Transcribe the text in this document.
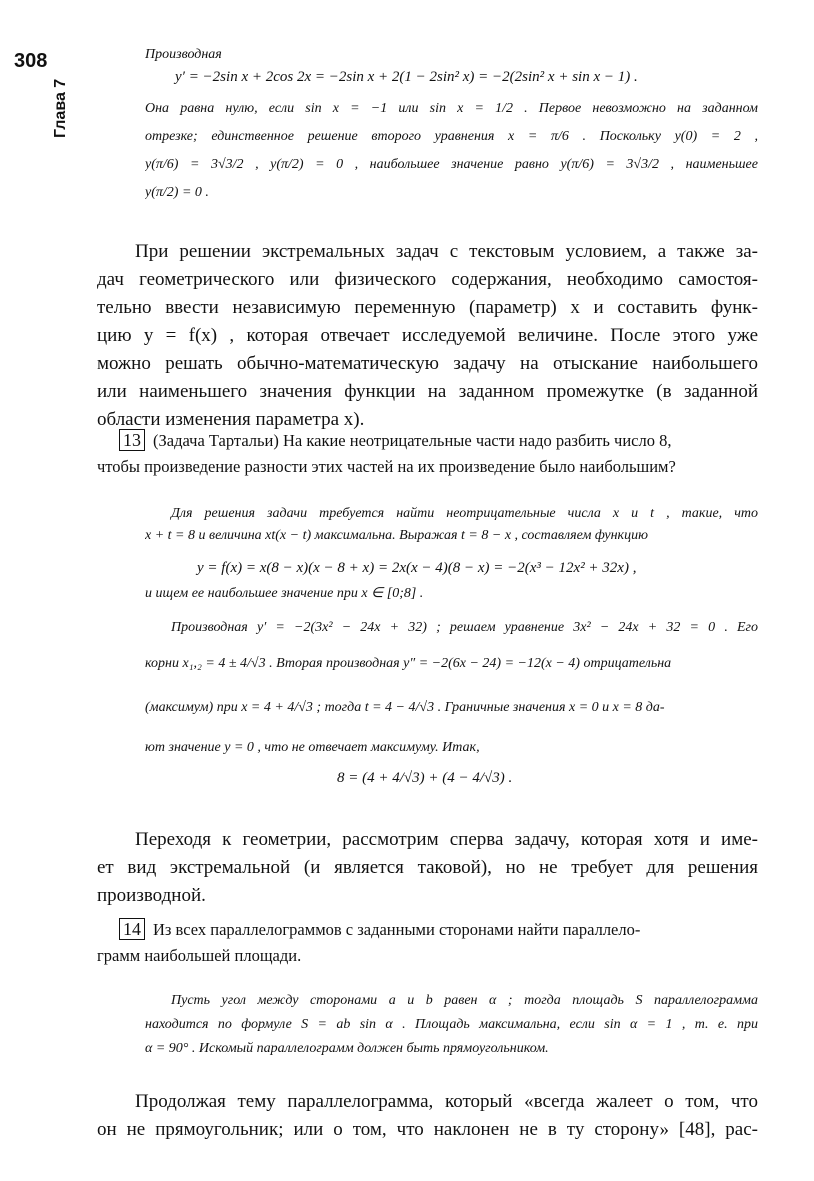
308
Глава 7
Производная
y′ = −2sin x + 2cos 2x = −2sin x + 2(1 − 2sin² x) = −2(2sin² x + sin x − 1) .
Она равна нулю, если sin x = −1 или sin x = 1/2 . Первое невозможно на заданном
отрезке; единственное решение второго уравнения x = π/6 . Поскольку y(0) = 2 ,
y(π/6) = 3√3/2 , y(π/2) = 0 , наибольшее значение равно y(π/6) = 3√3/2 , наименьшее
y(π/2) = 0 .
При решении экстремальных задач с текстовым условием, а также за-
дач геометрического или физического содержания, необходимо самостоя-
тельно ввести независимую переменную (параметр) x и составить функ-
цию y = f(x) , которая отвечает исследуемой величине. После этого уже
можно решать обычно-математическую задачу на отыскание наибольшего
или наименьшего значения функции на заданном промежутке (в заданной
области изменения параметра x).
13 (Задача Тартальи) На какие неотрицательные части надо разбить число 8,
чтобы произведение разности этих частей на их произведение было наибольшим?
Для решения задачи требуется найти неотрицательные числа x и t , такие, что
x + t = 8 и величина xt(x − t) максимальна. Выражая t = 8 − x , составляем функцию
y = f(x) = x(8 − x)(x − 8 + x) = 2x(x − 4)(8 − x) = −2(x³ − 12x² + 32x) ,
и ищем ее наибольшее значение при x ∈ [0;8] .
Производная y′ = −2(3x² − 24x + 32) ; решаем уравнение 3x² − 24x + 32 = 0 . Его
корни x₁,₂ = 4 ± 4/√3 . Вторая производная y″ = −2(6x − 24) = −12(x − 4) отрицательна
(максимум) при x = 4 + 4/√3 ; тогда t = 4 − 4/√3 . Граничные значения x = 0 и x = 8 да-
ют значение y = 0 , что не отвечает максимуму. Итак,
8 = (4 + 4/√3) + (4 − 4/√3) .
Переходя к геометрии, рассмотрим сперва задачу, которая хотя и име-
ет вид экстремальной (и является таковой), но не требует для решения
производной.
14 Из всех параллелограммов с заданными сторонами найти параллело-
грамм наибольшей площади.
Пусть угол между сторонами a и b равен α ; тогда площадь S параллелограмма
находится по формуле S = ab sin α . Площадь максимальна, если sin α = 1 , т. е. при
α = 90° . Искомый параллелограмм должен быть прямоугольником.
Продолжая тему параллелограмма, который «всегда жалеет о том, что
он не прямоугольник; или о том, что наклонен не в ту сторону» [48], рас-
